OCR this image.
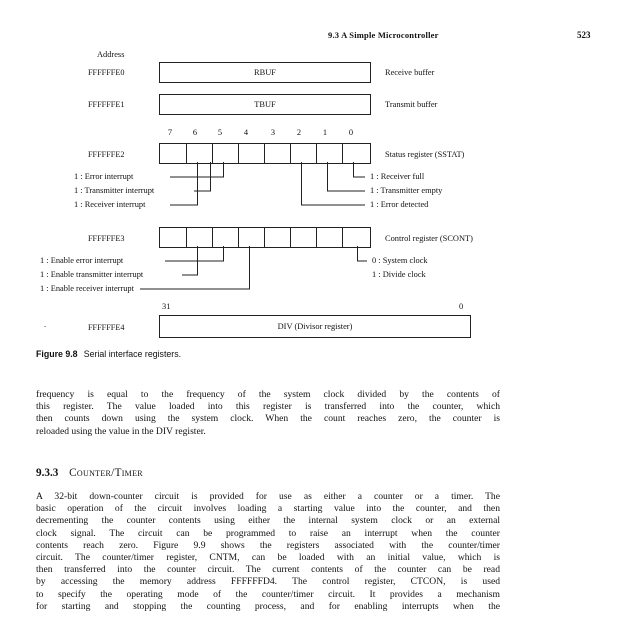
9.3 A Simple Microcontroller	523
Address
FFFFFFE0	RBUF	Receive buffer
FFFFFFE1	TBUF	Transmit buffer
7	6	5	4	3	2	1	0
FFFFFFE2	Status register (SSTAT)
1 : Error interrupt
1 : Transmitter interrupt
1 : Receiver interrupt
1 : Receiver full
1 : Transmitter empty
1 : Error detected
FFFFFFE3	Control register (SCONT)
1 : Enable error interrupt
1 : Enable transmitter interrupt
1 : Enable receiver interrupt
0 : System clock
1 : Divide clock
31	0
.	FFFFFFE4	DIV (Divisor register)
Figure 9.8 Serial interface registers.
frequency is equal to the frequency of the system clock divided by the contents of
this register. The value loaded into this register is transferred into the counter, which
then counts down using the system clock. When the count reaches zero, the counter is
reloaded using the value in the DIV register.
9.3.3 Counter/Timer
A 32-bit down-counter circuit is provided for use as either a counter or a timer. The
basic operation of the circuit involves loading a starting value into the counter, and then
decrementing the counter contents using either the internal system clock or an external
clock signal. The circuit can be programmed to raise an interrupt when the counter
contents reach zero. Figure 9.9 shows the registers associated with the counter/timer
circuit. The counter/timer register, CNTM, can be loaded with an initial value, which is
then transferred into the counter circuit. The current contents of the counter can be read
by accessing the memory address FFFFFFD4. The control register, CTCON, is used
to specify the operating mode of the counter/timer circuit. It provides a mechanism
for starting and stopping the counting process, and for enabling interrupts when the
